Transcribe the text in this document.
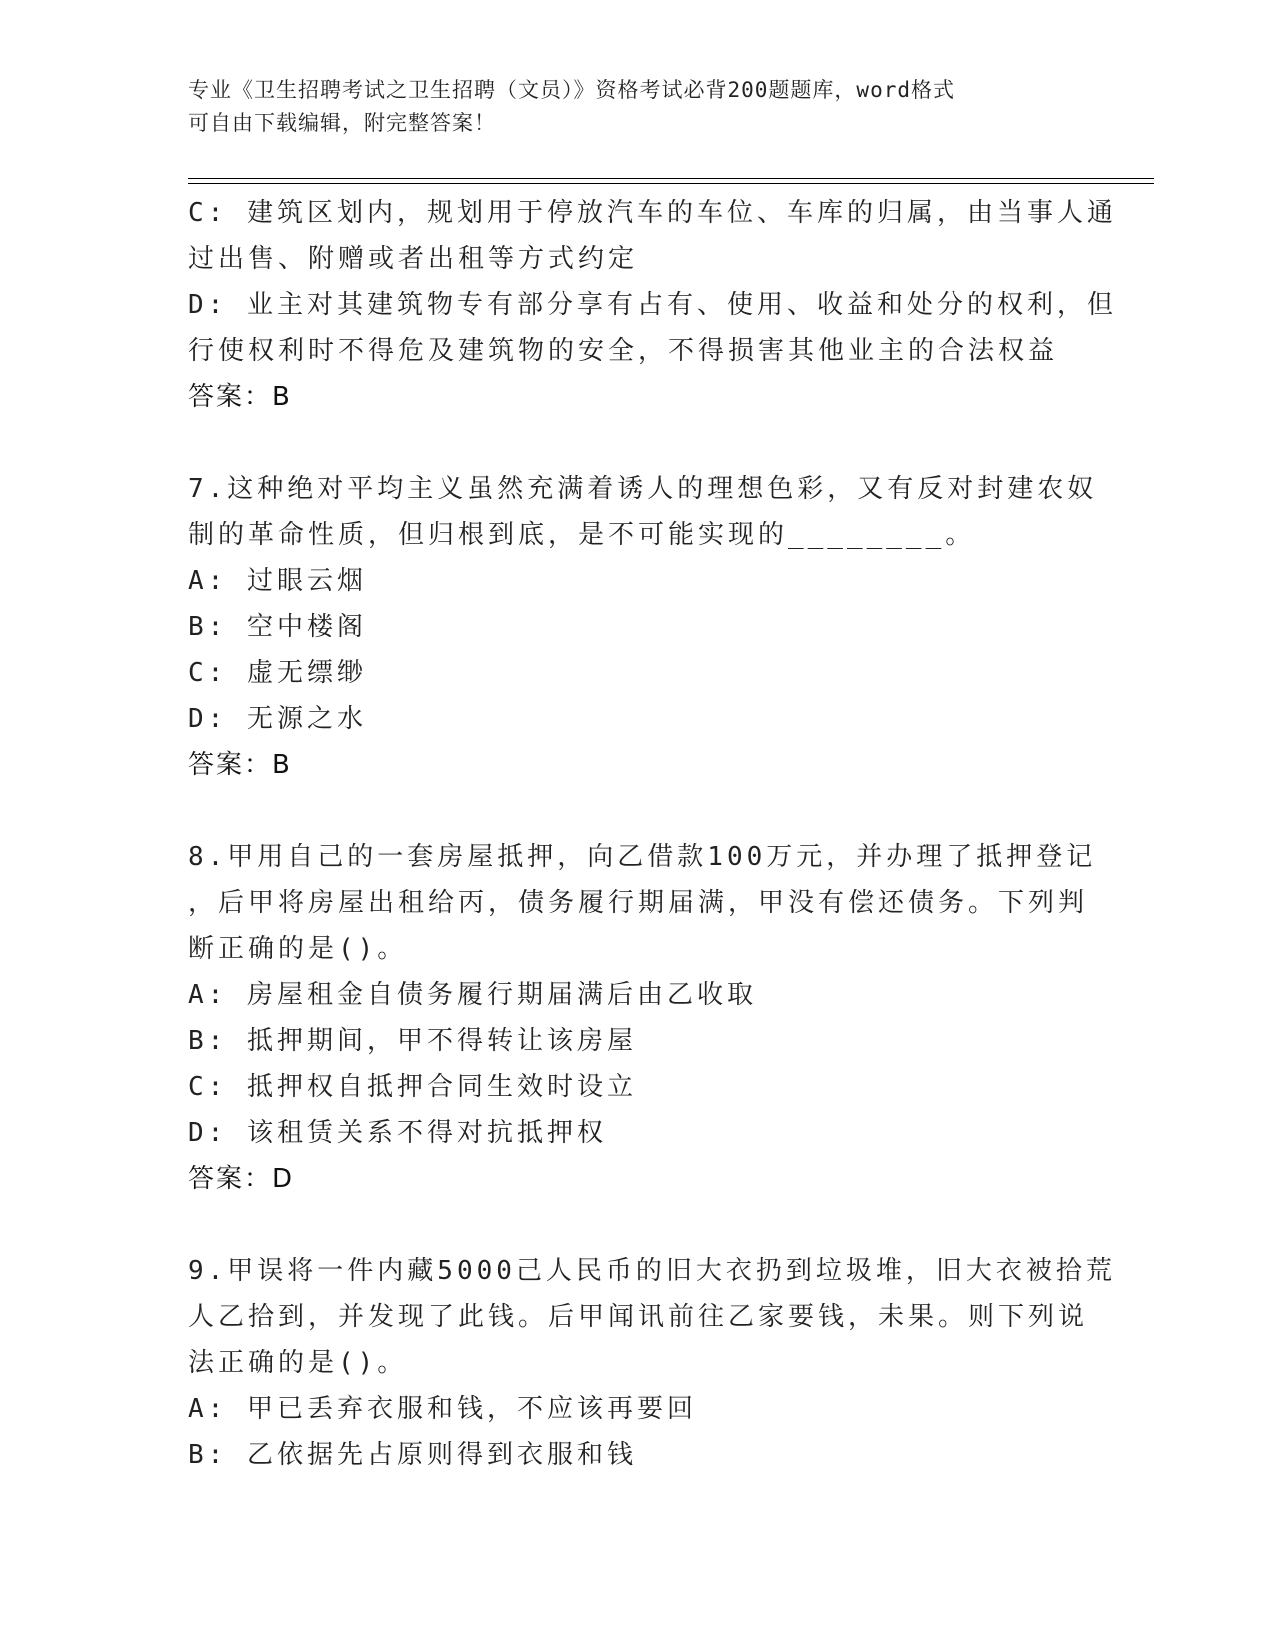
专业《卫生招聘考试之卫生招聘（文员）》资格考试必背200题题库，word格式
可自由下载编辑，附完整答案！
C: 建筑区划内，规划用于停放汽车的车位、车库的归属，由当事人通
过出售、附赠或者出租等方式约定
D: 业主对其建筑物专有部分享有占有、使用、收益和处分的权利，但
行使权利时不得危及建筑物的安全，不得损害其他业主的合法权益
答案：B
7.这种绝对平均主义虽然充满着诱人的理想色彩，又有反对封建农奴
制的革命性质，但归根到底，是不可能实现的________。
A: 过眼云烟
B: 空中楼阁
C: 虚无缥缈
D: 无源之水
答案：B
8.甲用自己的一套房屋抵押，向乙借款100万元，并办理了抵押登记
，后甲将房屋出租给丙，债务履行期届满，甲没有偿还债务。下列判
断正确的是()。
A: 房屋租金自债务履行期届满后由乙收取
B: 抵押期间，甲不得转让该房屋
C: 抵押权自抵押合同生效时设立
D: 该租赁关系不得对抗抵押权
答案：D
9.甲误将一件内藏5000己人民币的旧大衣扔到垃圾堆，旧大衣被拾荒
人乙拾到，并发现了此钱。后甲闻讯前往乙家要钱，未果。则下列说
法正确的是()。
A: 甲已丢弃衣服和钱，不应该再要回
B: 乙依据先占原则得到衣服和钱
